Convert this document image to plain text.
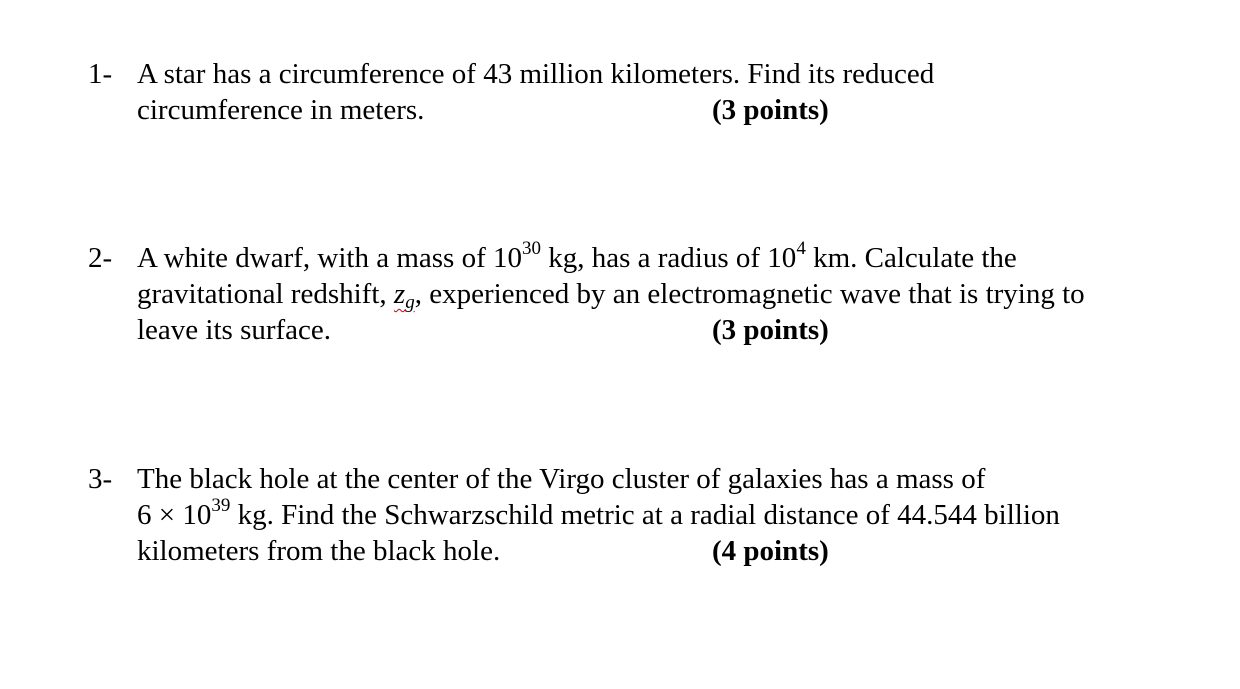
1- A star has a circumference of 43 million kilometers. Find its reduced
circumference in meters.	(3 points)
2- A white dwarf, with a mass of $10^{30}$ kg, has a radius of $10^4$ km. Calculate the
gravitational redshift, zg, experienced by an electromagnetic wave that is trying to
leave its surface.	(3 points)
3- The black hole at the center of the Virgo cluster of galaxies has a mass of
$6 \times 10^{39}$ kg. Find the Schwarzschild metric at a radial distance of 44.544 billion
kilometers from the black hole.	(4 points)
